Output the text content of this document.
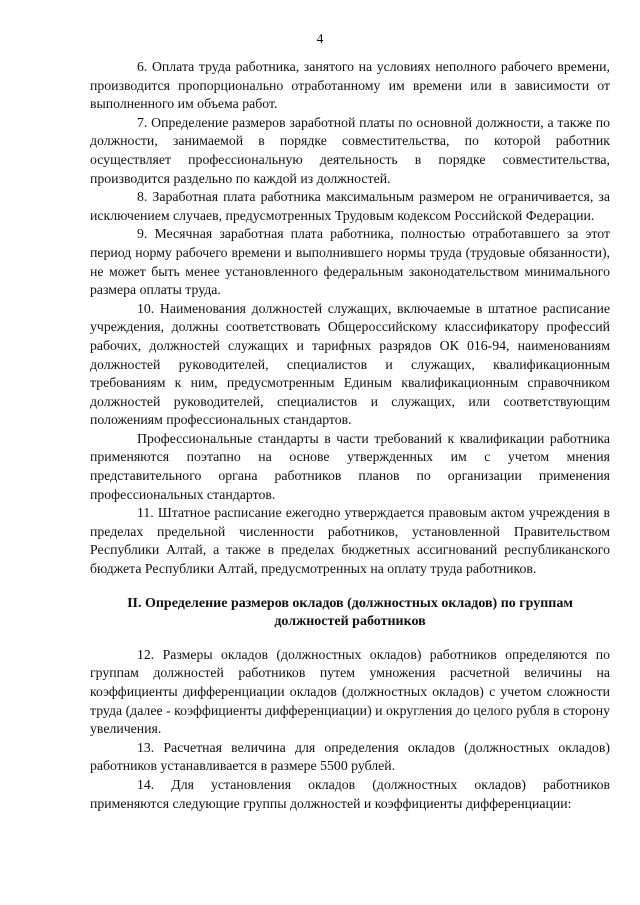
4

6. Оплата труда работника, занятого на условиях неполного рабочего времени, производится пропорционально отработанному им времени или в зависимости от выполненного им объема работ.

7. Определение размеров заработной платы по основной должности, а также по должности, занимаемой в порядке совместительства, по которой работник осуществляет профессиональную деятельность в порядке совместительства, производится раздельно по каждой из должностей.

8. Заработная плата работника максимальным размером не ограничивается, за исключением случаев, предусмотренных Трудовым кодексом Российской Федерации.

9. Месячная заработная плата работника, полностью отработавшего за этот период норму рабочего времени и выполнившего нормы труда (трудовые обязанности), не может быть менее установленного федеральным законодательством минимального размера оплаты труда.

10. Наименования должностей служащих, включаемые в штатное расписание учреждения, должны соответствовать Общероссийскому классификатору профессий рабочих, должностей служащих и тарифных разрядов ОК 016-94, наименованиям должностей руководителей, специалистов и служащих, квалификационным требованиям к ним, предусмотренным Единым квалификационным справочником должностей руководителей, специалистов и служащих, или соответствующим положениям профессиональных стандартов.

Профессиональные стандарты в части требований к квалификации работника применяются поэтапно на основе утвержденных им с учетом мнения представительного органа работников планов по организации применения профессиональных стандартов.

11. Штатное расписание ежегодно утверждается правовым актом учреждения в пределах предельной численности работников, установленной Правительством Республики Алтай, а также в пределах бюджетных ассигнований республиканского бюджета Республики Алтай, предусмотренных на оплату труда работников.

II. Определение размеров окладов (должностных окладов) по группам должностей работников

12. Размеры окладов (должностных окладов) работников определяются по группам должностей работников путем умножения расчетной величины на коэффициенты дифференциации окладов (должностных окладов) с учетом сложности труда (далее - коэффициенты дифференциации) и округления до целого рубля в сторону увеличения.

13. Расчетная величина для определения окладов (должностных окладов) работников устанавливается в размере 5500 рублей.

14. Для установления окладов (должностных окладов) работников применяются следующие группы должностей и коэффициенты дифференциации:
